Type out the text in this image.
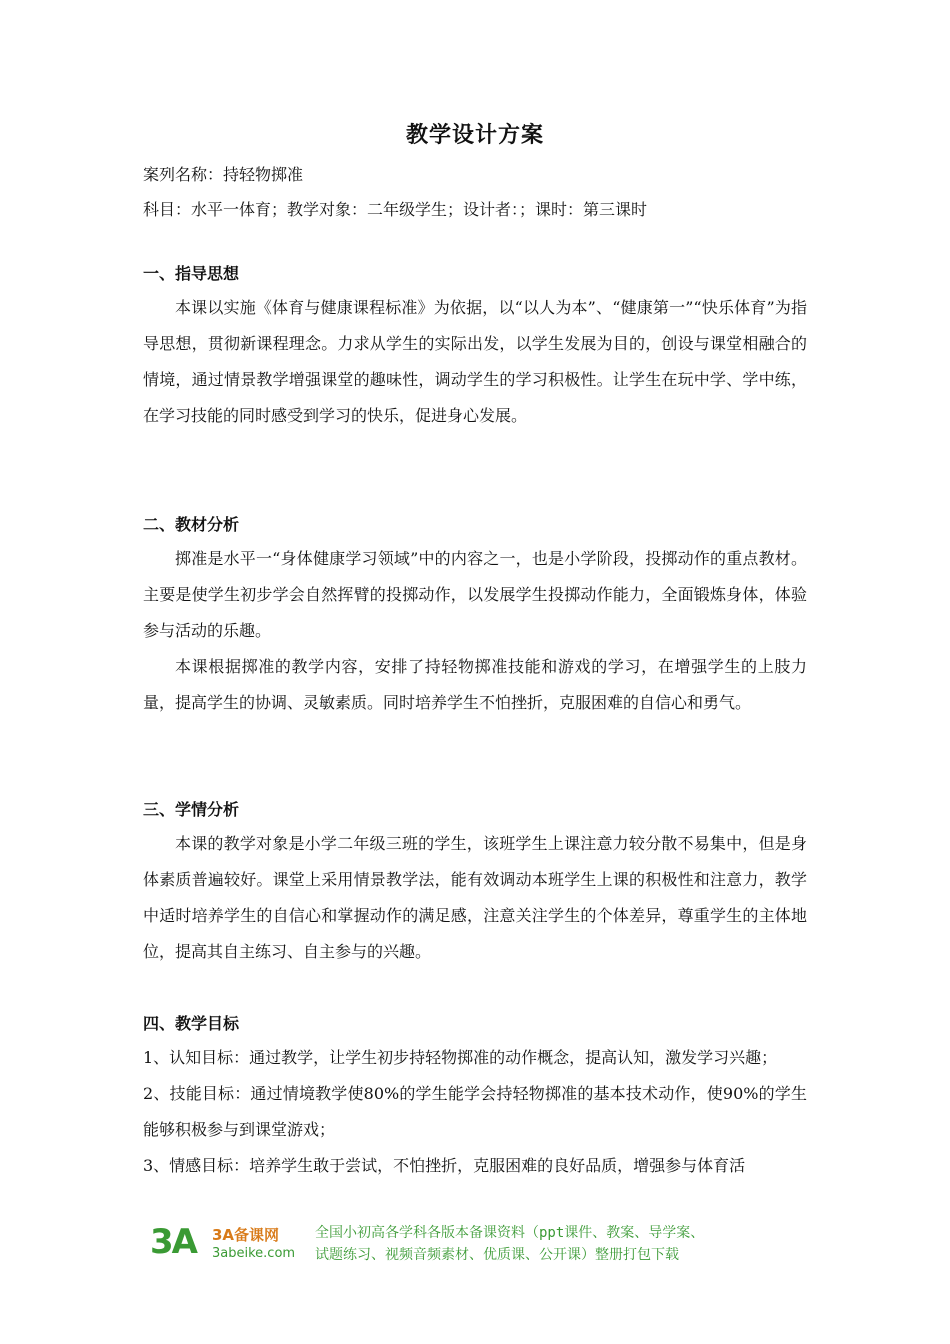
教学设计方案
案列名称：持轻物掷准
科目：水平一体育；教学对象：二年级学生；设计者：；课时：第三课时
一、指导思想

本课以实施《体育与健康课程标准》为依据，以“以人为本”、“健康第一”“快乐体育”为指导思想，贯彻新课程理念。力求从学生的实际出发，以学生发展为目的，创设与课堂相融合的情境，通过情景教学增强课堂的趣味性，调动学生的学习积极性。让学生在玩中学、学中练，在学习技能的同时感受到学习的快乐，促进身心发展。

二、教材分析

掷准是水平一“身体健康学习领域”中的内容之一，也是小学阶段，投掷动作的重点教材。主要是使学生初步学会自然挥臂的投掷动作，以发展学生投掷动作能力，全面锻炼身体，体验参与活动的乐趣。

本课根据掷准的教学内容，安排了持轻物掷准技能和游戏的学习，在增强学生的上肢力量，提高学生的协调、灵敏素质。同时培养学生不怕挫折，克服困难的自信心和勇气。

三、学情分析

本课的教学对象是小学二年级三班的学生，该班学生上课注意力较分散不易集中，但是身体素质普遍较好。课堂上采用情景教学法，能有效调动本班学生上课的积极性和注意力，教学中适时培养学生的自信心和掌握动作的满足感，注意关注学生的个体差异，尊重学生的主体地位，提高其自主练习、自主参与的兴趣。

四、教学目标

1、认知目标：通过教学，让学生初步持轻物掷准的动作概念，提高认知，激发学习兴趣；

2、技能目标：通过情境教学使80%的学生能学会持轻物掷准的基本技术动作，使90%的学生能够积极参与到课堂游戏；

3、情感目标：培养学生敢于尝试，不怕挫折，克服困难的良好品质，增强参与体育活

3A 3A备课网
3abeike.com
全国小初高各学科各版本备课资料（ppt课件、教案、导学案、
试题练习、视频音频素材、优质课、公开课）整册打包下载
